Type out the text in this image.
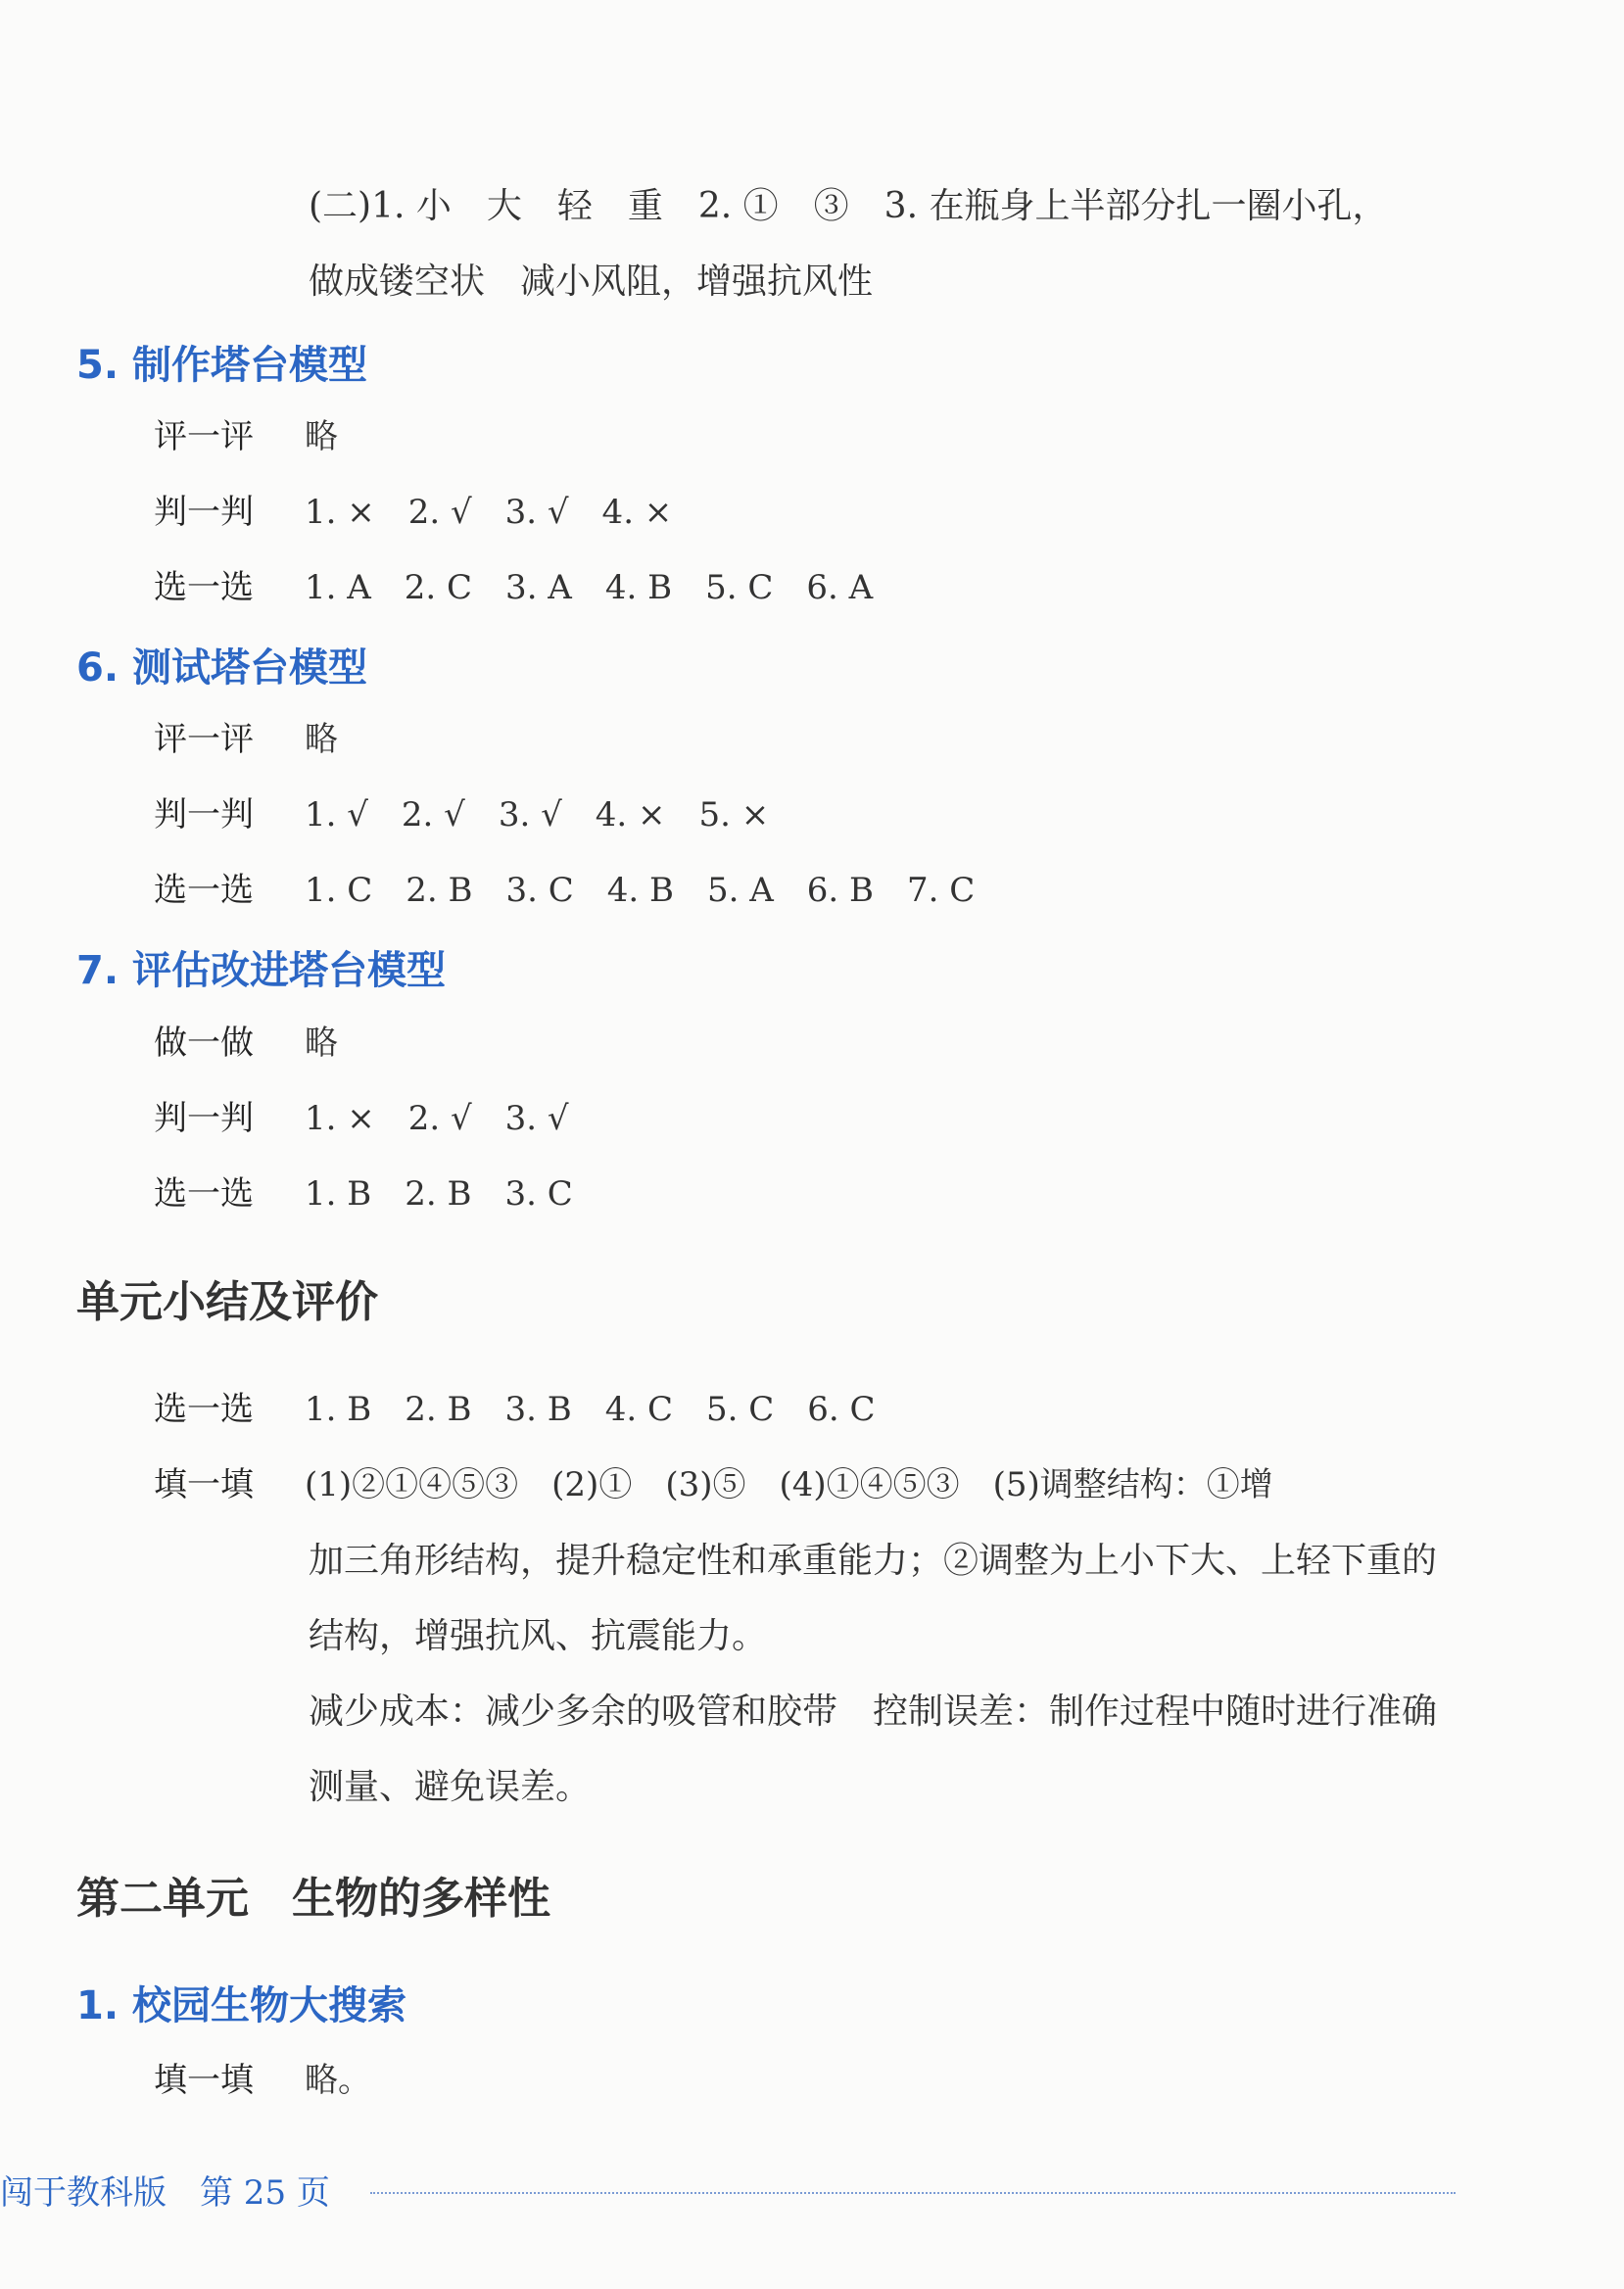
(二)1. 小　大　轻　重　2. ①　③　3. 在瓶身上半部分扎一圈小孔，
做成镂空状　减小风阻，增强抗风性
5. 制作塔台模型

评一评

略

判一判

1. ×　2. √　3. √　4. ×

选一选

1. A　2. C　3. A　4. B　5. C　6. A

6. 测试塔台模型

评一评

略

判一判

1. √　2. √　3. √　4. ×　5. ×

选一选

1. C　2. B　3. C　4. B　5. A　6. B　7. C

7. 评估改进塔台模型

做一做

略

判一判

1. ×　2. √　3. √

选一选

1. B　2. B　3. C

单元小结及评价

选一选

1. B　2. B　3. B　4. C　5. C　6. C

填一填

(1)②①④⑤③　(2)①　(3)⑤　(4)①④⑤③　(5)调整结构：①增

加三角形结构，提升稳定性和承重能力；②调整为上小下大、上轻下重的
结构，增强抗风、抗震能力。
减少成本：减少多余的吸管和胶带　控制误差：制作过程中随时进行准确
测量、避免误差。
第二单元　生物的多样性
1. 校园生物大搜索

填一填

略。

闯于教科版　第 25 页
